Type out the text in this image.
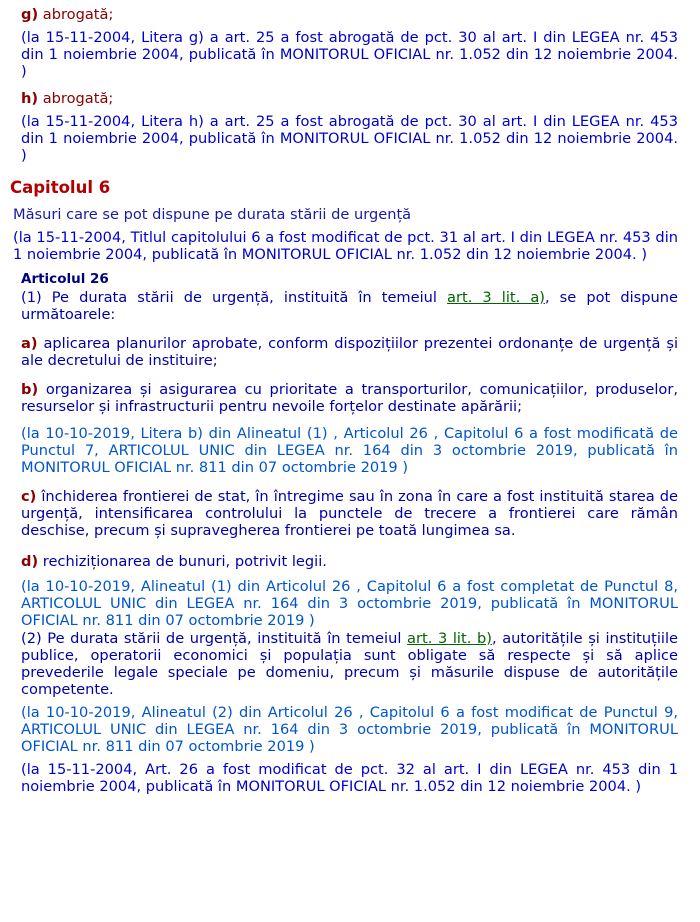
g) abrogată;

(la 15-11-2004, Litera g) a art. 25 a fost abrogată de pct. 30 al art. I din LEGEA nr. 453 din 1 noiembrie 2004, publicată în MONITORUL OFICIAL nr. 1.052 din 12 noiembrie 2004. )

h) abrogată;

(la 15-11-2004, Litera h) a art. 25 a fost abrogată de pct. 30 al art. I din LEGEA nr. 453 din 1 noiembrie 2004, publicată în MONITORUL OFICIAL nr. 1.052 din 12 noiembrie 2004. )

Capitolul 6

Măsuri care se pot dispune pe durata stării de urgență

(la 15-11-2004, Titlul capitolului 6 a fost modificat de pct. 31 al art. I din LEGEA nr. 453 din 1 noiembrie 2004, publicată în MONITORUL OFICIAL nr. 1.052 din 12 noiembrie 2004. )

Articolul 26

(1) Pe durata stării de urgență, instituită în temeiul art. 3 lit. a), se pot dispune următoarele:

a) aplicarea planurilor aprobate, conform dispozițiilor prezentei ordonanțe de urgență și ale decretului de instituire;

b) organizarea și asigurarea cu prioritate a transporturilor, comunicațiilor, produselor, resurselor și infrastructurii pentru nevoile forțelor destinate apărării;

(la 10-10-2019, Litera b) din Alineatul (1) , Articolul 26 , Capitolul 6 a fost modificată de Punctul 7, ARTICOLUL UNIC din LEGEA nr. 164 din 3 octombrie 2019, publicată în MONITORUL OFICIAL nr. 811 din 07 octombrie 2019 )

c) închiderea frontierei de stat, în întregime sau în zona în care a fost instituită starea de urgență, intensificarea controlului la punctele de trecere a frontierei care rămân deschise, precum și supravegherea frontierei pe toată lungimea sa.

d) rechiziționarea de bunuri, potrivit legii.

(la 10-10-2019, Alineatul (1) din Articolul 26 , Capitolul 6 a fost completat de Punctul 8, ARTICOLUL UNIC din LEGEA nr. 164 din 3 octombrie 2019, publicată în MONITORUL OFICIAL nr. 811 din 07 octombrie 2019 )

(2) Pe durata stării de urgență, instituită în temeiul art. 3 lit. b), autoritățile și instituțiile publice, operatorii economici și populația sunt obligate să respecte și să aplice prevederile legale speciale pe domeniu, precum și măsurile dispuse de autoritățile competente.

(la 10-10-2019, Alineatul (2) din Articolul 26 , Capitolul 6 a fost modificat de Punctul 9, ARTICOLUL UNIC din LEGEA nr. 164 din 3 octombrie 2019, publicată în MONITORUL OFICIAL nr. 811 din 07 octombrie 2019 )

(la 15-11-2004, Art. 26 a fost modificat de pct. 32 al art. I din LEGEA nr. 453 din 1 noiembrie 2004, publicată în MONITORUL OFICIAL nr. 1.052 din 12 noiembrie 2004. )
